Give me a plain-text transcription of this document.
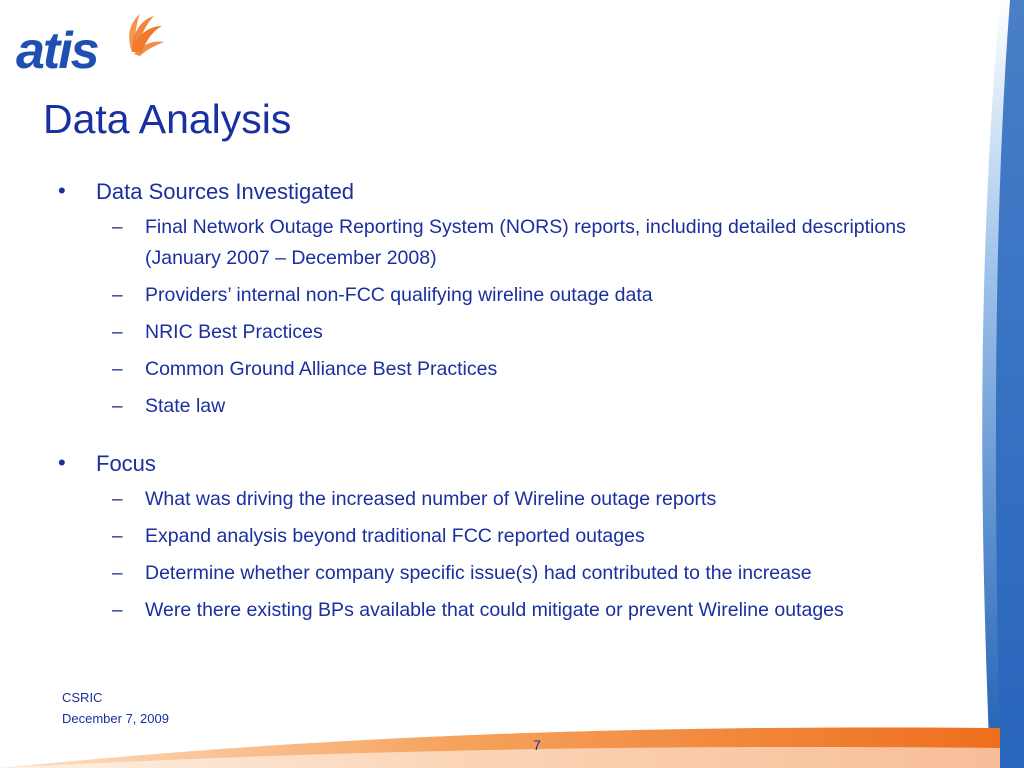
atis
Data Analysis
• Data Sources Investigated
– Final Network Outage Reporting System (NORS) reports, including detailed descriptions (January 2007 – December 2008)
– Providers’ internal non-FCC qualifying wireline outage data
– NRIC Best Practices
– Common Ground Alliance Best Practices
– State law
• Focus
– What was driving the increased number of Wireline outage reports
– Expand analysis beyond traditional FCC reported outages
– Determine whether company specific issue(s) had contributed to the increase
– Were there existing BPs available that could mitigate or prevent Wireline outages
CSRIC
December 7, 2009
7
